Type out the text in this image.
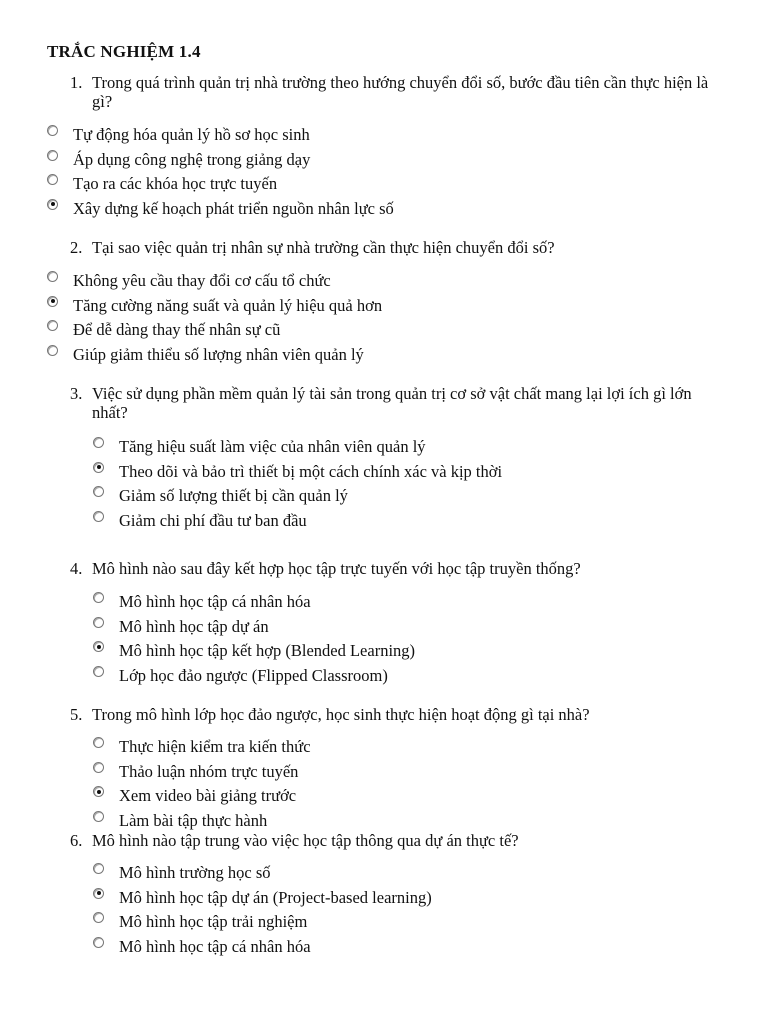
TRẮC NGHIỆM 1.4
1. Trong quá trình quản trị nhà trường theo hướng chuyển đổi số, bước đầu tiên cần thực hiện là gì?
Tự động hóa quản lý hồ sơ học sinh
Áp dụng công nghệ trong giảng dạy
Tạo ra các khóa học trực tuyến
Xây dựng kế hoạch phát triển nguồn nhân lực số
2. Tại sao việc quản trị nhân sự nhà trường cần thực hiện chuyển đổi số?
Không yêu cầu thay đổi cơ cấu tổ chức
Tăng cường năng suất và quản lý hiệu quả hơn
Để dễ dàng thay thế nhân sự cũ
Giúp giảm thiểu số lượng nhân viên quản lý
3. Việc sử dụng phần mềm quản lý tài sản trong quản trị cơ sở vật chất mang lại lợi ích gì lớn nhất?
Tăng hiệu suất làm việc của nhân viên quản lý
Theo dõi và bảo trì thiết bị một cách chính xác và kịp thời
Giảm số lượng thiết bị cần quản lý
Giảm chi phí đầu tư ban đầu
4. Mô hình nào sau đây kết hợp học tập trực tuyến với học tập truyền thống?
Mô hình học tập cá nhân hóa
Mô hình học tập dự án
Mô hình học tập kết hợp (Blended Learning)
Lớp học đảo ngược (Flipped Classroom)
5. Trong mô hình lớp học đảo ngược, học sinh thực hiện hoạt động gì tại nhà?
Thực hiện kiểm tra kiến thức
Thảo luận nhóm trực tuyến
Xem video bài giảng trước
Làm bài tập thực hành
6. Mô hình nào tập trung vào việc học tập thông qua dự án thực tế?
Mô hình trường học số
Mô hình học tập dự án (Project-based learning)
Mô hình học tập trải nghiệm
Mô hình học tập cá nhân hóa
